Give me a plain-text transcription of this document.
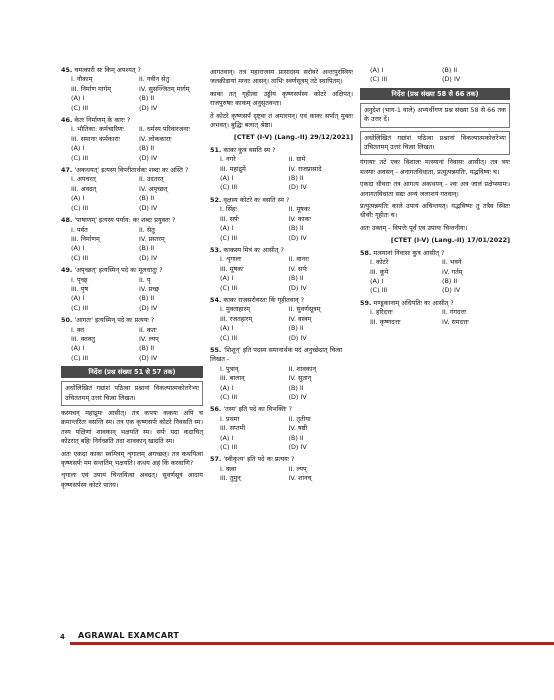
45. चमत्कारी सः किम् अपश्यत् ?
I. नौकाम्	II. नवीन सेतु
III. निर्माण मार्गम्	IV. सुसज्जितम् मार्गम्
(A) I	(B) II
(C) III	(D) IV
46. केतः निर्माणम् के कारः ?
I. भौतिका: कर्मचारिणः	II. धर्मस्य परिवारजनाः
III. समानाः कर्मकाराः	IV. लोककाराः
(A) I	(B) II
(C) III	(D) IV
47. 'अकथयत्' इत्यस्य विपरीतार्थकः शब्दः कः अस्ति ?
I. अपचरत्	II. उदतरत्
III. अवदत्	IV. अपृच्छत्
(A) I	(B) II
(C) III	(D) IV
48. 'पाषाणम्' इत्यस्य पर्याय: कः शब्दः प्रयुक्तः ?
I. पर्वत	II. सेतु
III. निर्माणम्	IV. प्रस्तरम्
(A) I	(B) II
(C) III	(D) IV
49. 'अपृच्छत्' इत्यस्मिन् पदे कः मूलधातुः ?
I. पृच्छ्	II. पृ
III. पृष	IV. प्रच्छ्
(A) I	(B) II
(C) III	(D) IV
50. 'आगतः' इत्यस्मिन् पदे कः प्रत्ययः ?
I. क्त	II. कतः
III. क्तवतु	IV. ल्यप्
(A) I	(B) II
(C) III	(D) IV
निर्देश (प्रश्न संख्या 51 से 57 तक)
अधोलिखितं गद्यांशं पठित्वा प्रश्नानां विकल्पात्मकोत्तरेभ्यः उचिततमम् उत्तरं चित्वा लिखत।
कस्यचन् महाद्रुमः आसीत्। तत्र कपयः ककयः अपि च क्रमान्तरितः वसन्ति स्म। तत्र एक कृष्णसर्पः कोटरे निवसति स्म। तस्य पक्षिणां शावकान् भक्षयति स्म। सर्पः यदा कदाचित् कोटरात् बहिः निर्गच्छति तदा शावकान् खादति स्म।
अतः एकदा काकः स्वमित्रम् शृगालम् अगच्छत्। तत्र कथयित्वा कृष्णसर्पः मम सन्ततिम् भक्षयति। कथय अहं किं करवाणि?
शृगालः एवं उपायं चिन्तयित्वा अवदत्। सुवर्णसूत्रं आदाय कृष्णसर्पस्य कोटरे पातय।
आगतवान्। तत्र महाराजस्य प्रासादस्य सरोवरे अन्तःपुरस्त्रियः जलक्रीडायां मग्नाः आसन्। ताभिः स्वर्णसूत्रम् तटे स्थापितम्।
काकः तत् गृहीत्वा उड्डीय कृष्णसर्पस्य कोटरे अक्षिपत्। राजपुरुषाः काकम् अनुसृतवन्तः।
ते कोटरे कृष्णसर्पं दृष्ट्वा तं अमारयन्। एवं काकः सर्पात् मुक्तः अभवत्। बुद्धिः बलात् श्रेष्ठा।
[CTET (I-V) (Lang.-II) 29/12/2021]
51. काकः कुत्र वसति स्म ?
I. नगरे	II. ग्रामे
III. महाद्रुमे	IV. राजप्रासादे
(A) I	(B) II
(C) III	(D) IV
52. वृक्षस्य कोटरे कः वसति स्म ?
I. सिंहः	II. मूषकः
III. सर्पः	IV. काकः
(A) I	(B) II
(C) III	(D) IV
53. काकस्य मित्रं कः आसीत् ?
I. शृगालः	II. वानरः
III. मूषकः	IV. सर्पः
(A) I	(B) II
(C) III	(D) IV
54. काकः राजसरोवरतः किं गृहीतवान् ?
I. मुक्ताहारम्	II. सुवर्णसूत्रम्
III. रजतहारम्	IV. वस्त्रम्
(A) I	(B) II
(C) III	(D) IV
55. 'शिशून्' इति पदस्य समानार्थकं पदं अनुच्छेदात् चित्वा लिखत -
I. पुत्रान्	II. शावकान्
III. बालान्	IV. सुतान्
(A) I	(B) II
(C) III	(D) IV
56. 'तस्य' इति पदे का विभक्तिः ?
I. प्रथमा	II. तृतीया
III. सप्तमी	IV. षष्ठी
(A) I	(B) II
(C) III	(D) IV
57. 'स्वीकृत्य' इति पदे कः प्रत्ययः ?
I. क्त्वा	II. ल्यप्
III. तुमुन्	IV. शानच्
(A) I	(B) II
(C) III	(D) IV
निर्देश (प्रश्न संख्या 58 से 66 तक)
अनुदेश (भाग-1 वाले) अभ्यर्थीगण प्रश्न संख्या 58 से 66 तक के उत्तर दें।
अधोलिखितं गद्यांशं पठित्वा प्रश्नानां विकल्पात्मकोत्तरेभ्यः उचिततमम् उत्तरं चित्वा लिखत।
गंगायाः तटे एकः विशालः मत्स्यानां निवासः आसीत्। तत्र त्रयः मत्स्याः अवसन् - अनागतविधाता, प्रत्युत्पन्नमतिः, यद्भविष्यः च।
एकदा धीवराः तत्र आगत्य अकथयन् - श्वः अत्र जालं प्रक्षेप्स्यामः। अनागतविधाता सद्यः अन्यं जलाशयं गतवान्।
प्रत्युत्पन्नमतिः काले उपायं अचिन्तयत्। यद्भविष्यः तु तत्रैव स्थितः धीवरैः गृहीतः च।
अतः उक्तम् - विपत्तेः पूर्वं एव उपायः चिन्तनीयः।
[CTET (I-V) (Lang.-II) 17/01/2022]
58. मत्स्यानां निवासः कुत्र आसीत् ?
I. कोटरे	II. भवने
III. कूपे	IV. गर्तम्
(A) I	(B) II
(C) III	(D) IV
59. मण्डूकानाम् अधिपतिः कः आसीत् ?
I. हरिदत्तः	II. गंगदत्तः
III. कृष्णदत्तः	IV. रामदत्तः
4 AGRAWAL EXAMCART
